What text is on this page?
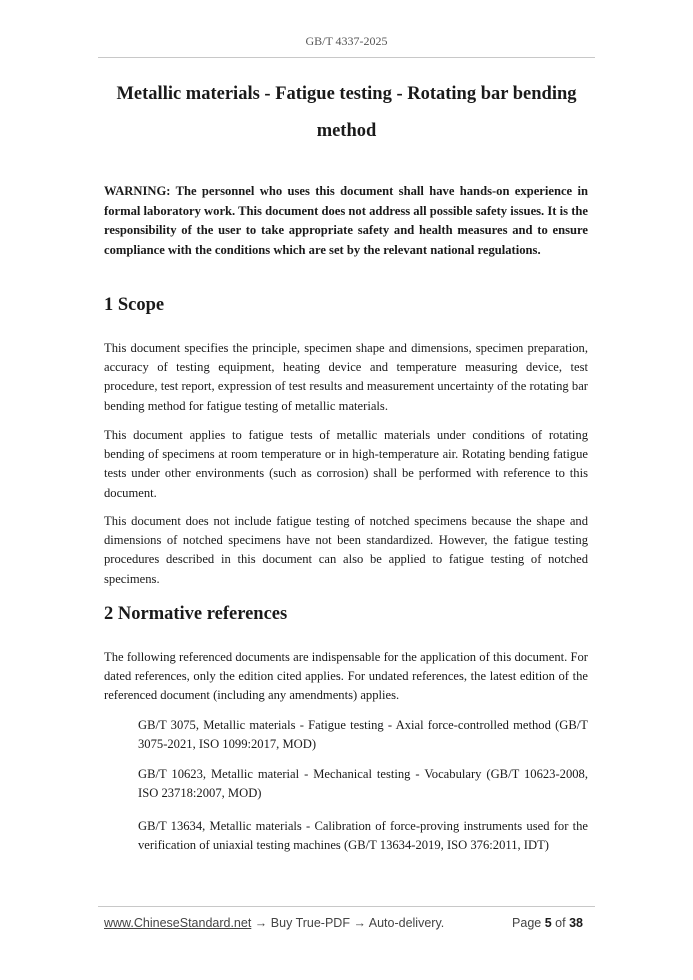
GB/T 4337-2025
Metallic materials - Fatigue testing - Rotating bar bending method
WARNING: The personnel who uses this document shall have hands-on experience in formal laboratory work. This document does not address all possible safety issues. It is the responsibility of the user to take appropriate safety and health measures and to ensure compliance with the conditions which are set by the relevant national regulations.
1 Scope
This document specifies the principle, specimen shape and dimensions, specimen preparation, accuracy of testing equipment, heating device and temperature measuring device, test procedure, test report, expression of test results and measurement uncertainty of the rotating bar bending method for fatigue testing of metallic materials.
This document applies to fatigue tests of metallic materials under conditions of rotating bending of specimens at room temperature or in high-temperature air. Rotating bending fatigue tests under other environments (such as corrosion) shall be performed with reference to this document.
This document does not include fatigue testing of notched specimens because the shape and dimensions of notched specimens have not been standardized. However, the fatigue testing procedures described in this document can also be applied to fatigue testing of notched specimens.
2 Normative references
The following referenced documents are indispensable for the application of this document. For dated references, only the edition cited applies. For undated references, the latest edition of the referenced document (including any amendments) applies.
GB/T 3075, Metallic materials - Fatigue testing - Axial force-controlled method (GB/T 3075-2021, ISO 1099:2017, MOD)
GB/T 10623, Metallic material - Mechanical testing - Vocabulary (GB/T 10623-2008, ISO 23718:2007, MOD)
GB/T 13634, Metallic materials - Calibration of force-proving instruments used for the verification of uniaxial testing machines (GB/T 13634-2019, ISO 376:2011, IDT)
www.ChineseStandard.net → Buy True-PDF → Auto-delivery.	Page 5 of 38
